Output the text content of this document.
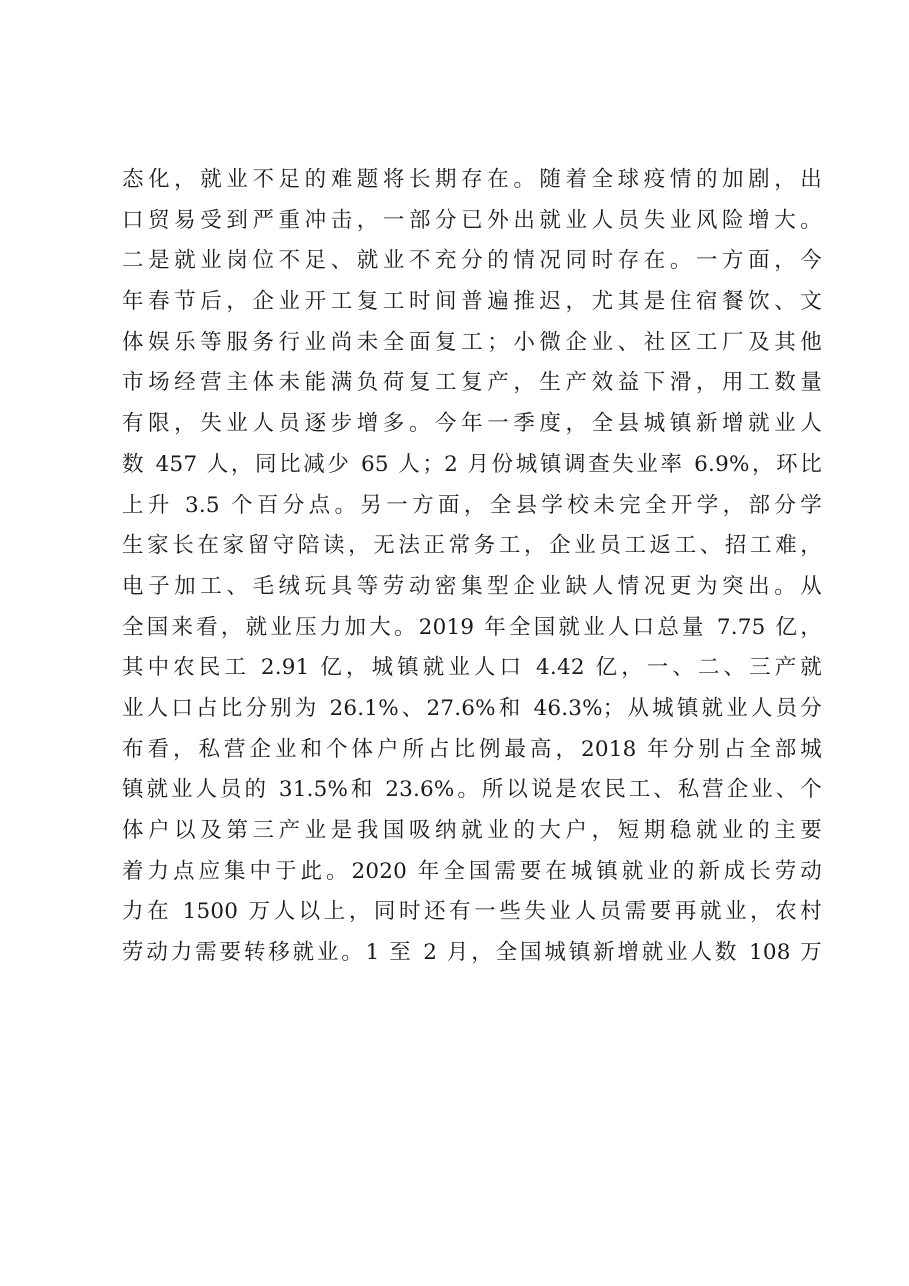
态化，就业不足的难题将长期存在。随着全球疫情的加剧，出
口贸易受到严重冲击，一部分已外出就业人员失业风险增大。
二是就业岗位不足、就业不充分的情况同时存在。一方面，今
年春节后，企业开工复工时间普遍推迟，尤其是住宿餐饮、文
体娱乐等服务行业尚未全面复工；小微企业、社区工厂及其他
市场经营主体未能满负荷复工复产，生产效益下滑，用工数量
有限，失业人员逐步增多。今年一季度，全县城镇新增就业人
数 457 人，同比减少 65 人；2 月份城镇调查失业率 6.9%，环比
上升 3.5 个百分点。另一方面，全县学校未完全开学，部分学
生家长在家留守陪读，无法正常务工，企业员工返工、招工难，
电子加工、毛绒玩具等劳动密集型企业缺人情况更为突出。从
全国来看，就业压力加大。2019 年全国就业人口总量 7.75 亿，
其中农民工 2.91 亿，城镇就业人口 4.42 亿，一、二、三产就
业人口占比分别为 26.1%、27.6%和 46.3%；从城镇就业人员分
布看，私营企业和个体户所占比例最高，2018 年分别占全部城
镇就业人员的 31.5%和 23.6%。所以说是农民工、私营企业、个
体户以及第三产业是我国吸纳就业的大户，短期稳就业的主要
着力点应集中于此。2020 年全国需要在城镇就业的新成长劳动
力在 1500 万人以上，同时还有一些失业人员需要再就业，农村
劳动力需要转移就业。1 至 2 月，全国城镇新增就业人数 108 万
